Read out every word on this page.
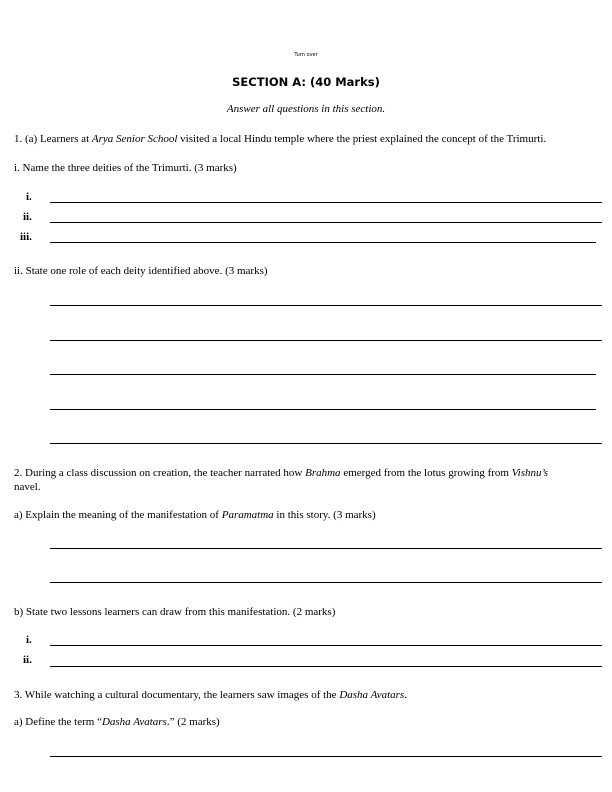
Turn over
SECTION A: (40 Marks)
Answer all questions in this section.
1. (a) Learners at Arya Senior School visited a local Hindu temple where the priest explained the concept of the Trimurti.
i. Name the three deities of the Trimurti. (3 marks)
i.
ii.
iii.
ii. State one role of each deity identified above. (3 marks)
2. During a class discussion on creation, the teacher narrated how Brahma emerged from the lotus growing from Vishnu’s
navel.
a) Explain the meaning of the manifestation of Paramatma in this story. (3 marks)
b) State two lessons learners can draw from this manifestation. (2 marks)
i.
ii.
3. While watching a cultural documentary, the learners saw images of the Dasha Avatars.
a) Define the term “Dasha Avatars.” (2 marks)
